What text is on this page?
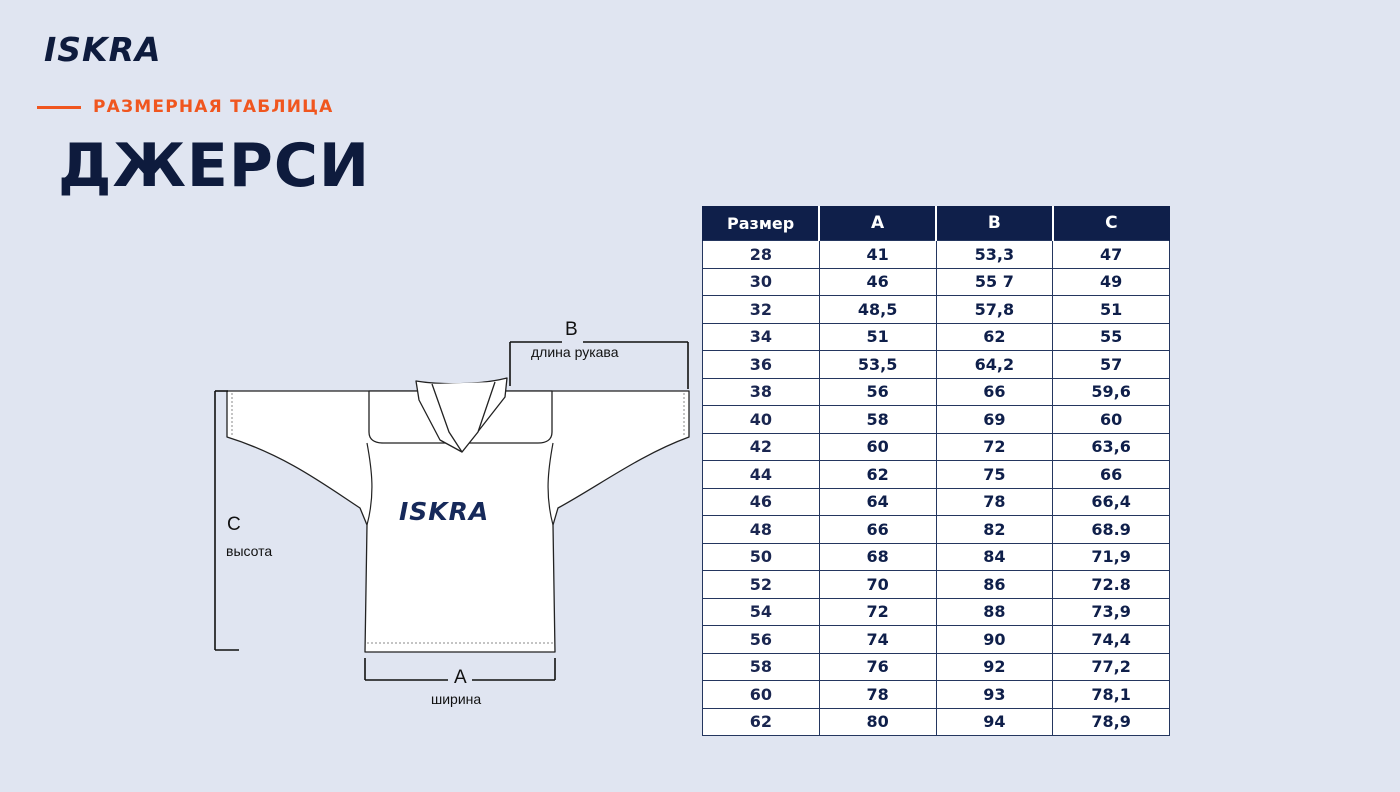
ISKRA
РАЗМЕРНАЯ ТАБЛИЦА
ДЖЕРСИ
ISKRA
B
длина рукава
C
высота
A
ширина
Размер	A	B	C
28	41	53,3	47
30	46	55 7	49
32	48,5	57,8	51
34	51	62	55
36	53,5	64,2	57
38	56	66	59,6
40	58	69	60
42	60	72	63,6
44	62	75	66
46	64	78	66,4
48	66	82	68.9
50	68	84	71,9
52	70	86	72.8
54	72	88	73,9
56	74	90	74,4
58	76	92	77,2
60	78	93	78,1
62	80	94	78,9
